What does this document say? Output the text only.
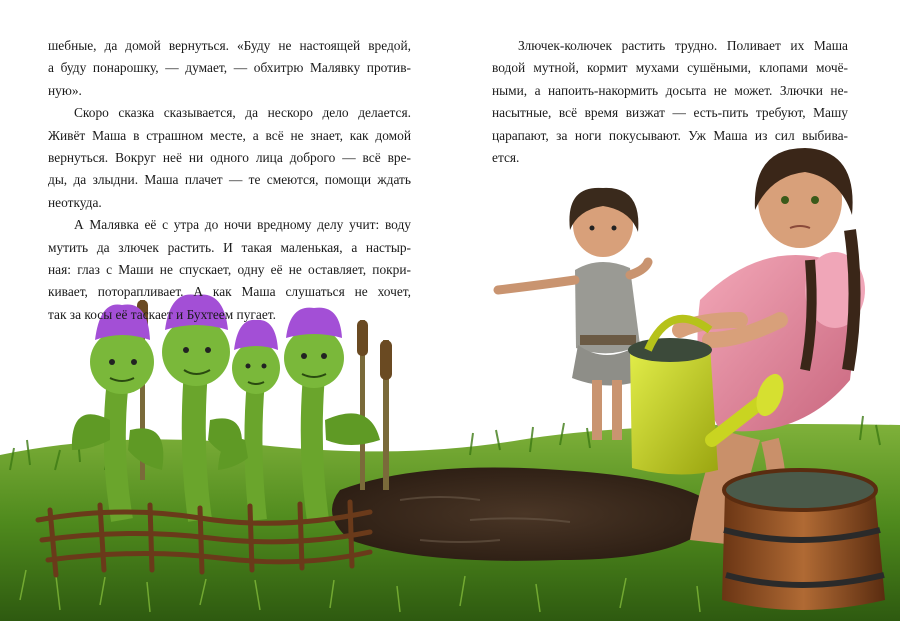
шебные, да домой вернуться. «Буду не настоящей вредой,
а буду понарошку, — думает, — обхитрю Малявку против-
ную».

Скоро сказка сказывается, да нескоро дело делается.
Живёт Маша в страшном месте, а всё не знает, как домой
вернуться. Вокруг неё ни одного лица доброго — всё вре-
ды, да злыдни. Маша плачет — те смеются, помощи ждать
неоткуда.

А Малявка её с утра до ночи вредному делу учит: воду
мутить да злючек растить. И такая маленькая, а настыр-
ная: глаз с Маши не спускает, одну её не оставляет, покри-
кивает, поторапливает. А как Маша слушаться не хочет,
так за косы её таскает и Бухтеем пугает.

Злючек-колючек растить трудно. Поливает их Маша
водой мутной, кормит мухами сушёными, клопами мочё-
ными, а напоить-накормить досыта не может. Злючки не-
насытные, всё время визжат — есть-пить требуют, Машу
царапают, за ноги покусывают. Уж Маша из сил выбива-
ется.
